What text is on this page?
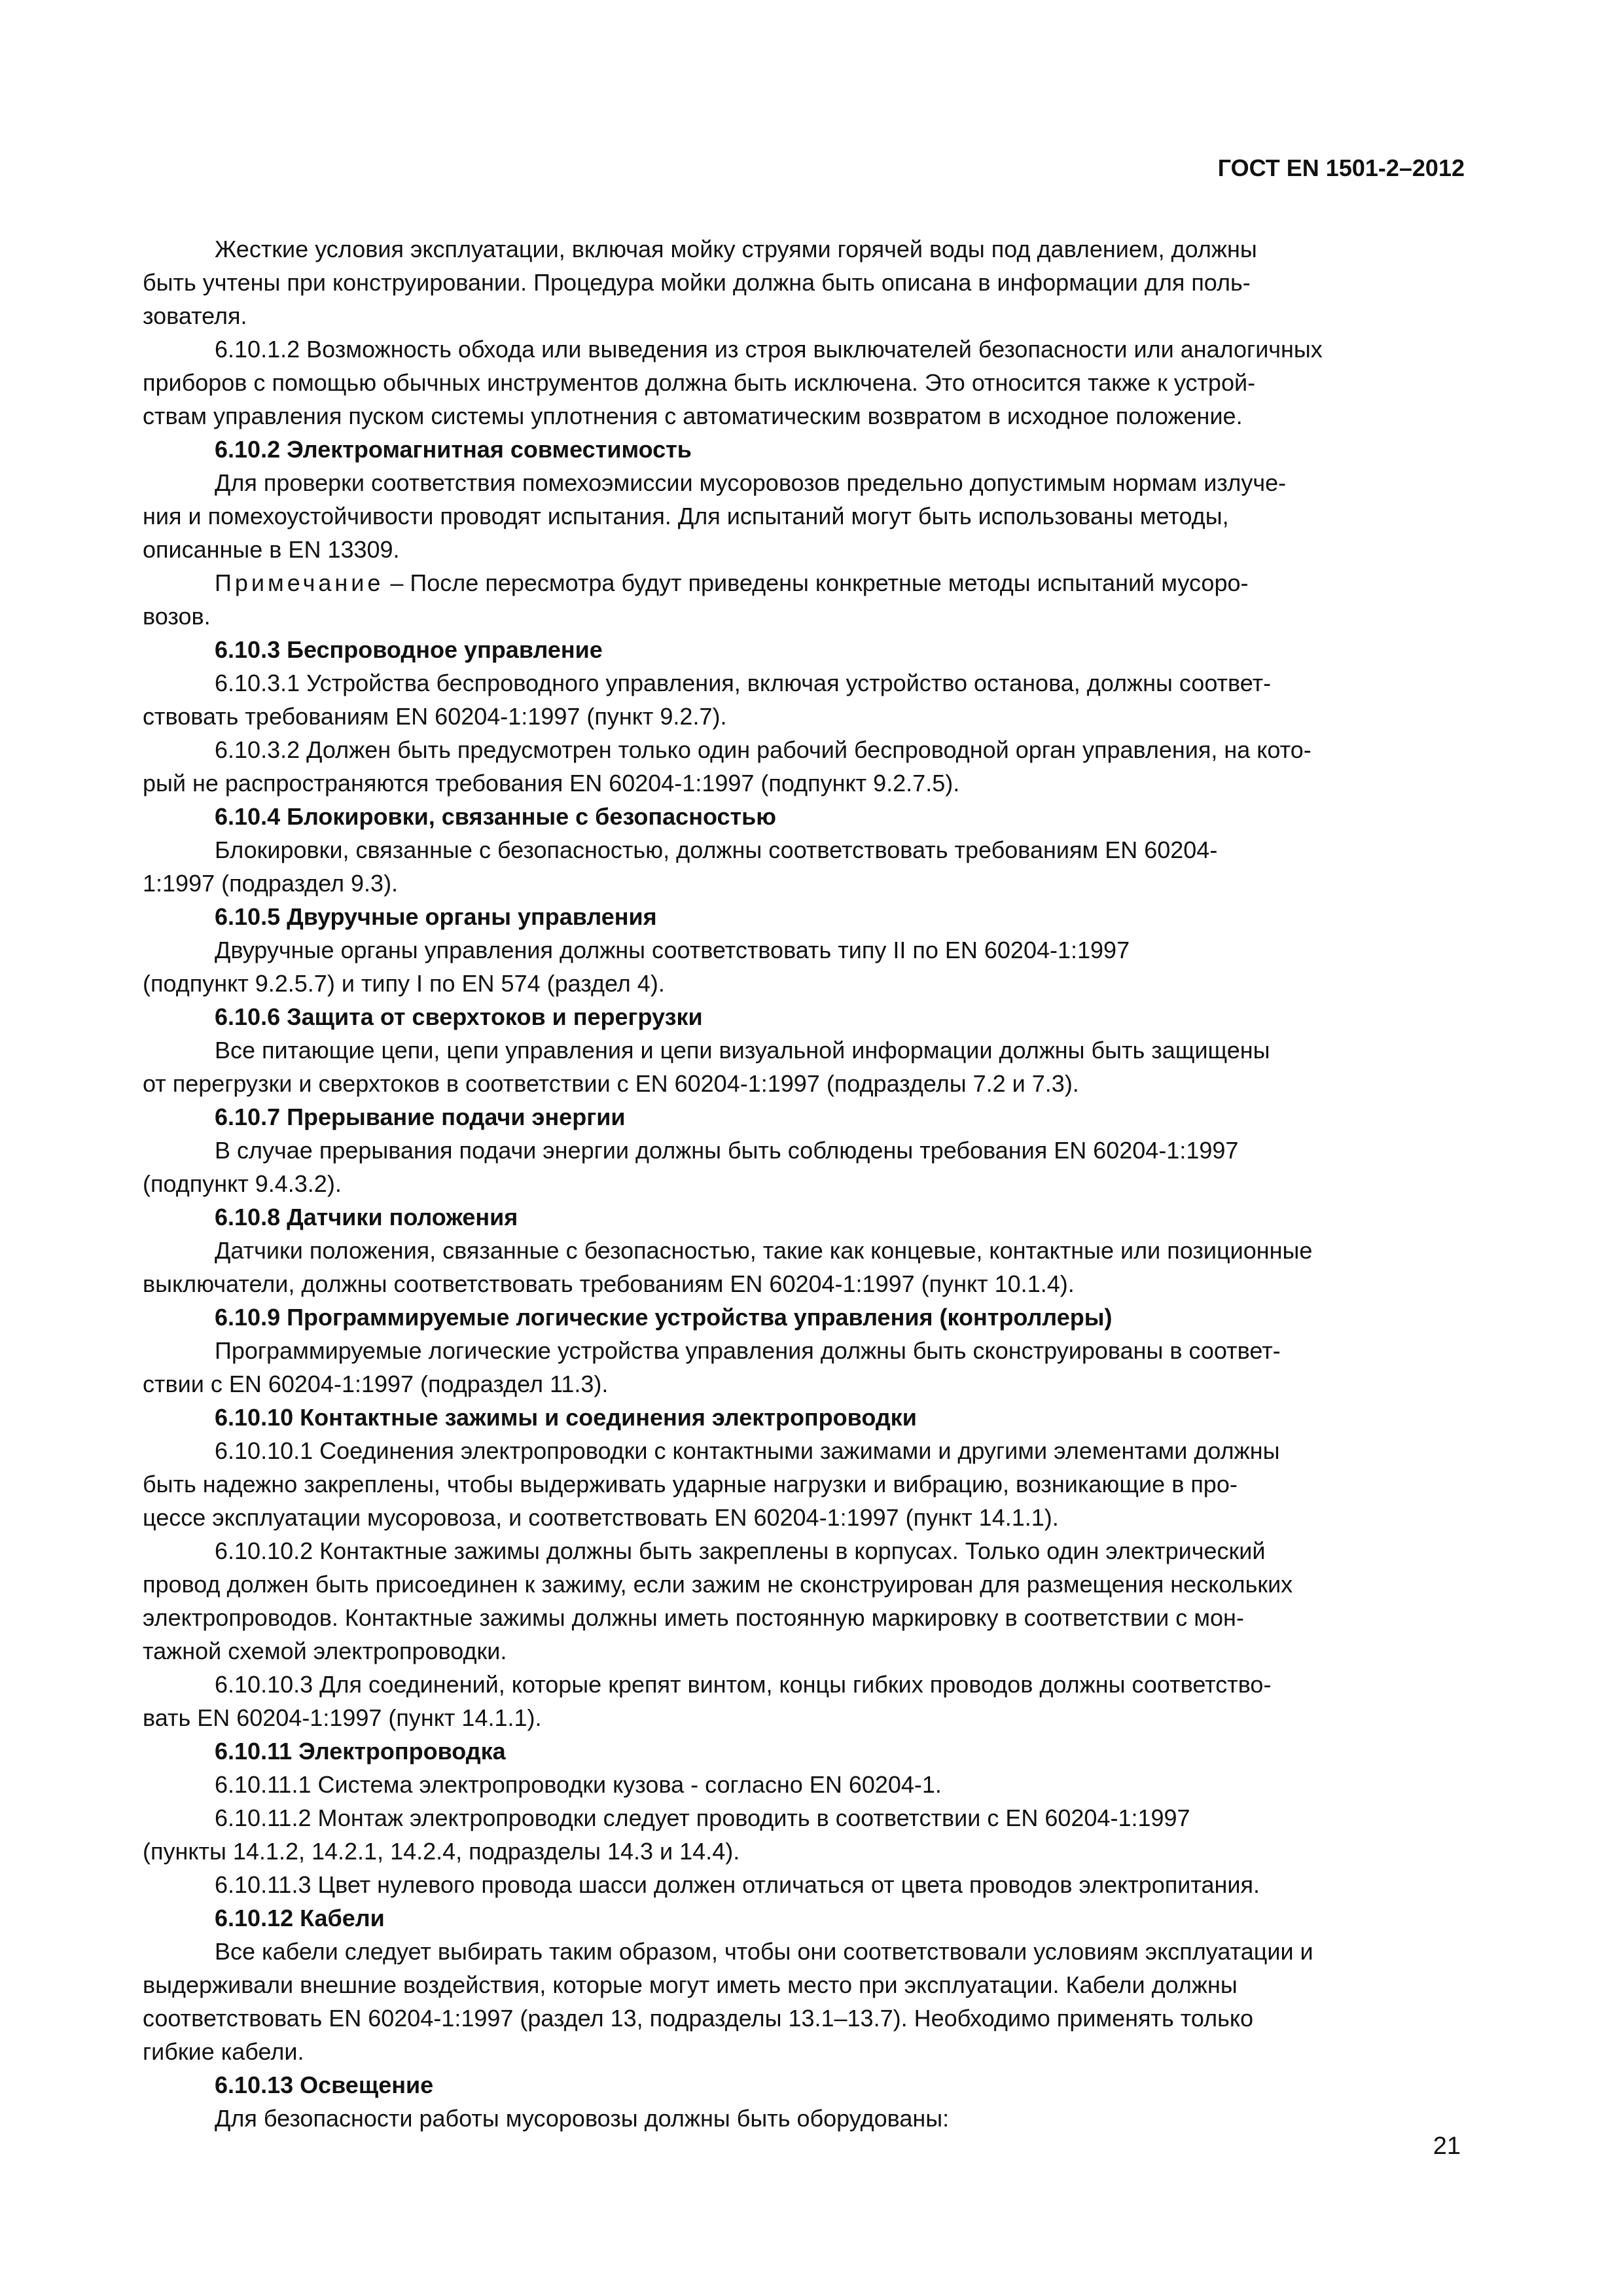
ГОСТ EN 1501-2–2012
Жесткие условия эксплуатации, включая мойку струями горячей воды под давлением, должны
быть учтены при конструировании. Процедура мойки должна быть описана в информации для поль-
зователя.
6.10.1.2 Возможность обхода или выведения из строя выключателей безопасности или аналогичных
приборов с помощью обычных инструментов должна быть исключена. Это относится также к устрой-
ствам управления пуском системы уплотнения с автоматическим возвратом в исходное положение.
6.10.2 Электромагнитная совместимость
Для проверки соответствия помехоэмиссии мусоровозов предельно допустимым нормам излуче-
ния и помехоустойчивости проводят испытания. Для испытаний могут быть использованы методы,
описанные в EN 13309.
Примечание – После пересмотра будут приведены конкретные методы испытаний мусоро-
возов.
6.10.3 Беспроводное управление
6.10.3.1 Устройства беспроводного управления, включая устройство останова, должны соответ-
ствовать требованиям EN 60204-1:1997 (пункт 9.2.7).
6.10.3.2 Должен быть предусмотрен только один рабочий беспроводной орган управления, на кото-
рый не распространяются требования EN 60204-1:1997 (подпункт 9.2.7.5).
6.10.4 Блокировки, связанные с безопасностью
Блокировки, связанные с безопасностью, должны соответствовать требованиям EN 60204-
1:1997 (подраздел 9.3).
6.10.5 Двуручные органы управления
Двуручные органы управления должны соответствовать типу II по EN 60204-1:1997
(подпункт 9.2.5.7) и типу I по EN 574 (раздел 4).
6.10.6 Защита от сверхтоков и перегрузки
Все питающие цепи, цепи управления и цепи визуальной информации должны быть защищены
от перегрузки и сверхтоков в соответствии с EN 60204-1:1997 (подразделы 7.2 и 7.3).
6.10.7 Прерывание подачи энергии
В случае прерывания подачи энергии должны быть соблюдены требования EN 60204-1:1997
(подпункт 9.4.3.2).
6.10.8 Датчики положения
Датчики положения, связанные с безопасностью, такие как концевые, контактные или позиционные
выключатели, должны соответствовать требованиям EN 60204-1:1997 (пункт 10.1.4).
6.10.9 Программируемые логические устройства управления (контроллеры)
Программируемые логические устройства управления должны быть сконструированы в соответ-
ствии с EN 60204-1:1997 (подраздел 11.3).
6.10.10 Контактные зажимы и соединения электропроводки
6.10.10.1 Соединения электропроводки с контактными зажимами и другими элементами должны
быть надежно закреплены, чтобы выдерживать ударные нагрузки и вибрацию, возникающие в про-
цессе эксплуатации мусоровоза, и соответствовать EN 60204-1:1997 (пункт 14.1.1).
6.10.10.2 Контактные зажимы должны быть закреплены в корпусах. Только один электрический
провод должен быть присоединен к зажиму, если зажим не сконструирован для размещения нескольких
электропроводов. Контактные зажимы должны иметь постоянную маркировку в соответствии с мон-
тажной схемой электропроводки.
6.10.10.3 Для соединений, которые крепят винтом, концы гибких проводов должны соответство-
вать EN 60204-1:1997 (пункт 14.1.1).
6.10.11 Электропроводка
6.10.11.1 Система электропроводки кузова - согласно EN 60204-1.
6.10.11.2 Монтаж электропроводки следует проводить в соответствии с EN 60204-1:1997
(пункты 14.1.2, 14.2.1, 14.2.4, подразделы 14.3 и 14.4).
6.10.11.3 Цвет нулевого провода шасси должен отличаться от цвета проводов электропитания.
6.10.12 Кабели
Все кабели следует выбирать таким образом, чтобы они соответствовали условиям эксплуатации и
выдерживали внешние воздействия, которые могут иметь место при эксплуатации. Кабели должны
соответствовать EN 60204-1:1997 (раздел 13, подразделы 13.1–13.7). Необходимо применять только
гибкие кабели.
6.10.13 Освещение
Для безопасности работы мусоровозы должны быть оборудованы:
21
